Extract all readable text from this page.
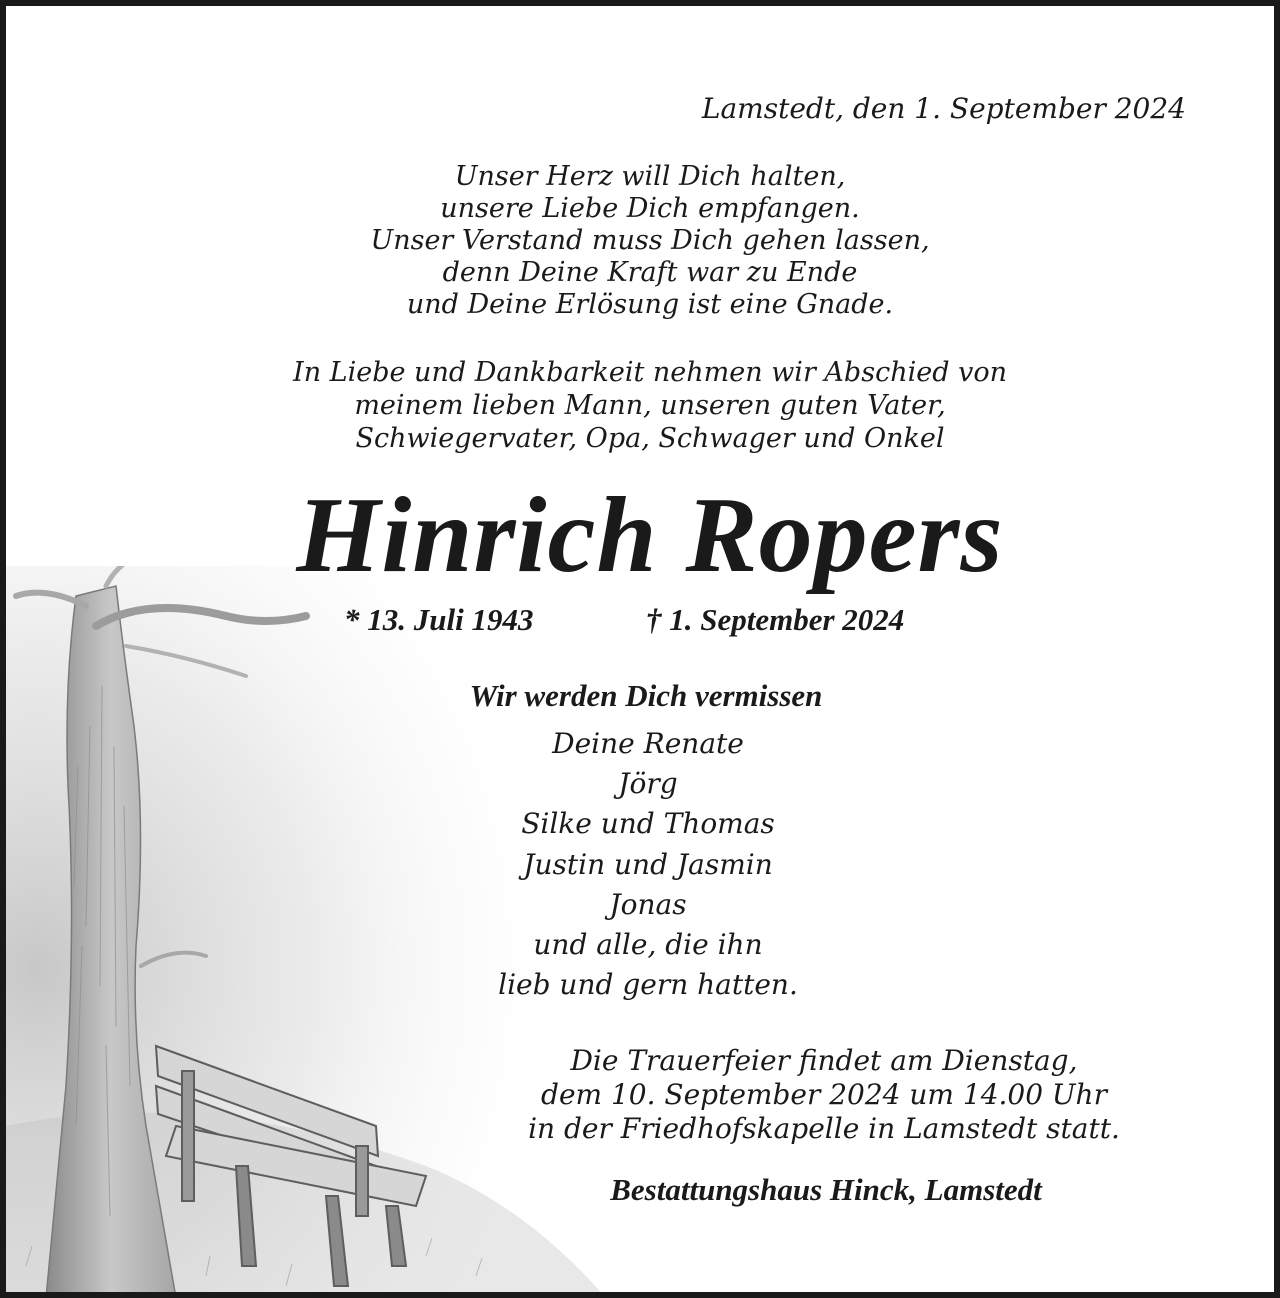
Lamstedt, den 1. September 2024
Unser Herz will Dich halten,
unsere Liebe Dich empfangen.
Unser Verstand muss Dich gehen lassen,
denn Deine Kraft war zu Ende
und Deine Erlösung ist eine Gnade.
In Liebe und Dankbarkeit nehmen wir Abschied von
meinem lieben Mann, unseren guten Vater,
Schwiegervater, Opa, Schwager und Onkel
Hinrich Ropers
* 13. Juli 1943	† 1. September 2024
Wir werden Dich vermissen
Deine Renate
Jörg
Silke und Thomas
Justin und Jasmin
Jonas
und alle, die ihn
lieb und gern hatten.
Die Trauerfeier findet am Dienstag,
dem 10. September 2024 um 14.00 Uhr
in der Friedhofskapelle in Lamstedt statt.
Bestattungshaus Hinck, Lamstedt
